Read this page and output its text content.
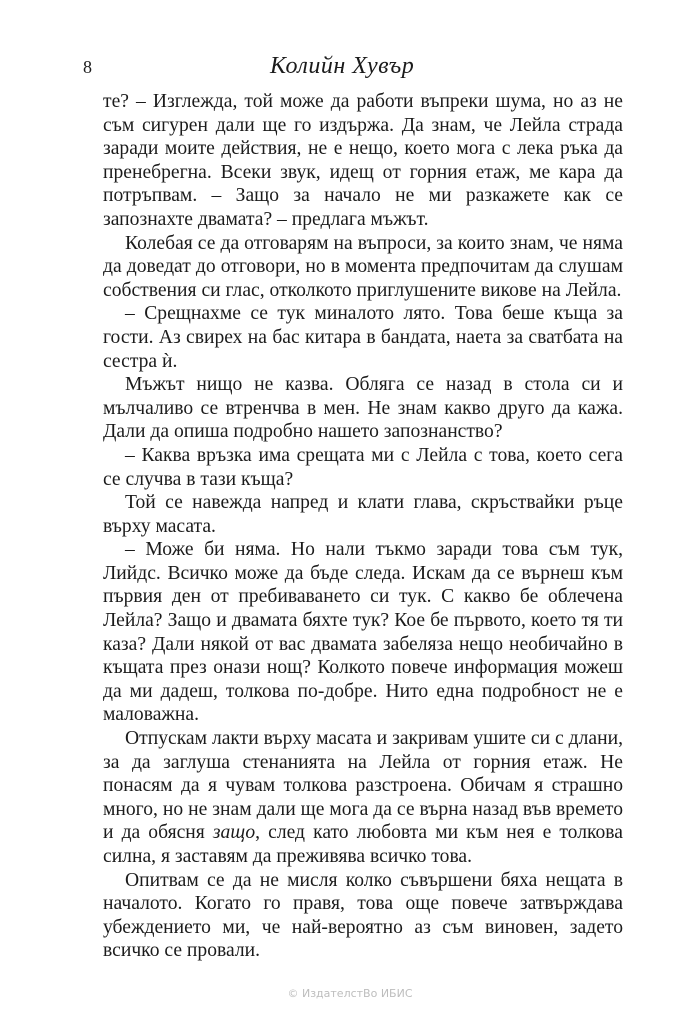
8	Колийн Хувър

те? – Изглежда, той може да работи въпреки шума, но аз не съм сигурен дали ще го издържа. Да знам, че Лейла страда заради моите действия, не е нещо, което мога с лека ръка да пренебрегна. Всеки звук, идещ от горния етаж, ме кара да потръпвам. – Защо за начало не ми разкажете как се запознахте двамата? – предлага мъжът.

Колебая се да отговарям на въпроси, за които знам, че няма да доведат до отговори, но в момента предпочитам да слушам собствения си глас, отколкото приглушените викове на Лейла.

– Срещнахме се тук миналото лято. Това беше къща за гости. Аз свирех на бас китара в бандата, наета за сватбата на сестра ѝ.

Мъжът нищо не казва. Обляга се назад в стола си и мълчаливо се втренчва в мен. Не знам какво друго да кажа. Дали да опиша подробно нашето запознанство?

– Каква връзка има срещата ми с Лейла с това, което сега се случва в тази къща?

Той се навежда напред и клати глава, скръствайки ръце върху масата.

– Може би няма. Но нали тъкмо заради това съм тук, Лийдс. Всичко може да бъде следа. Искам да се върнеш към първия ден от пребиваването си тук. С какво бе облечена Лейла? Защо и двамата бяхте тук? Кое бе първото, което тя ти каза? Дали някой от вас двамата забеляза нещо необичайно в къщата през онази нощ? Колкото повече информация можеш да ми дадеш, толкова по-добре. Нито една подробност не е маловажна.

Отпускам лакти върху масата и закривам ушите си с длани, за да заглуша стенанията на Лейла от горния етаж. Не понасям да я чувам толкова разстроена. Обичам я страшно много, но не знам дали ще мога да се върна назад във времето и да обясня защо, след като любовта ми към нея е толкова силна, я заставям да преживява всичко това.

Опитвам се да не мисля колко съвършени бяха нещата в началото. Когато го правя, това още повече затвърждава убеждението ми, че най-вероятно аз съм виновен, задето всичко се провали.

© ИздателстВо ИБИС
